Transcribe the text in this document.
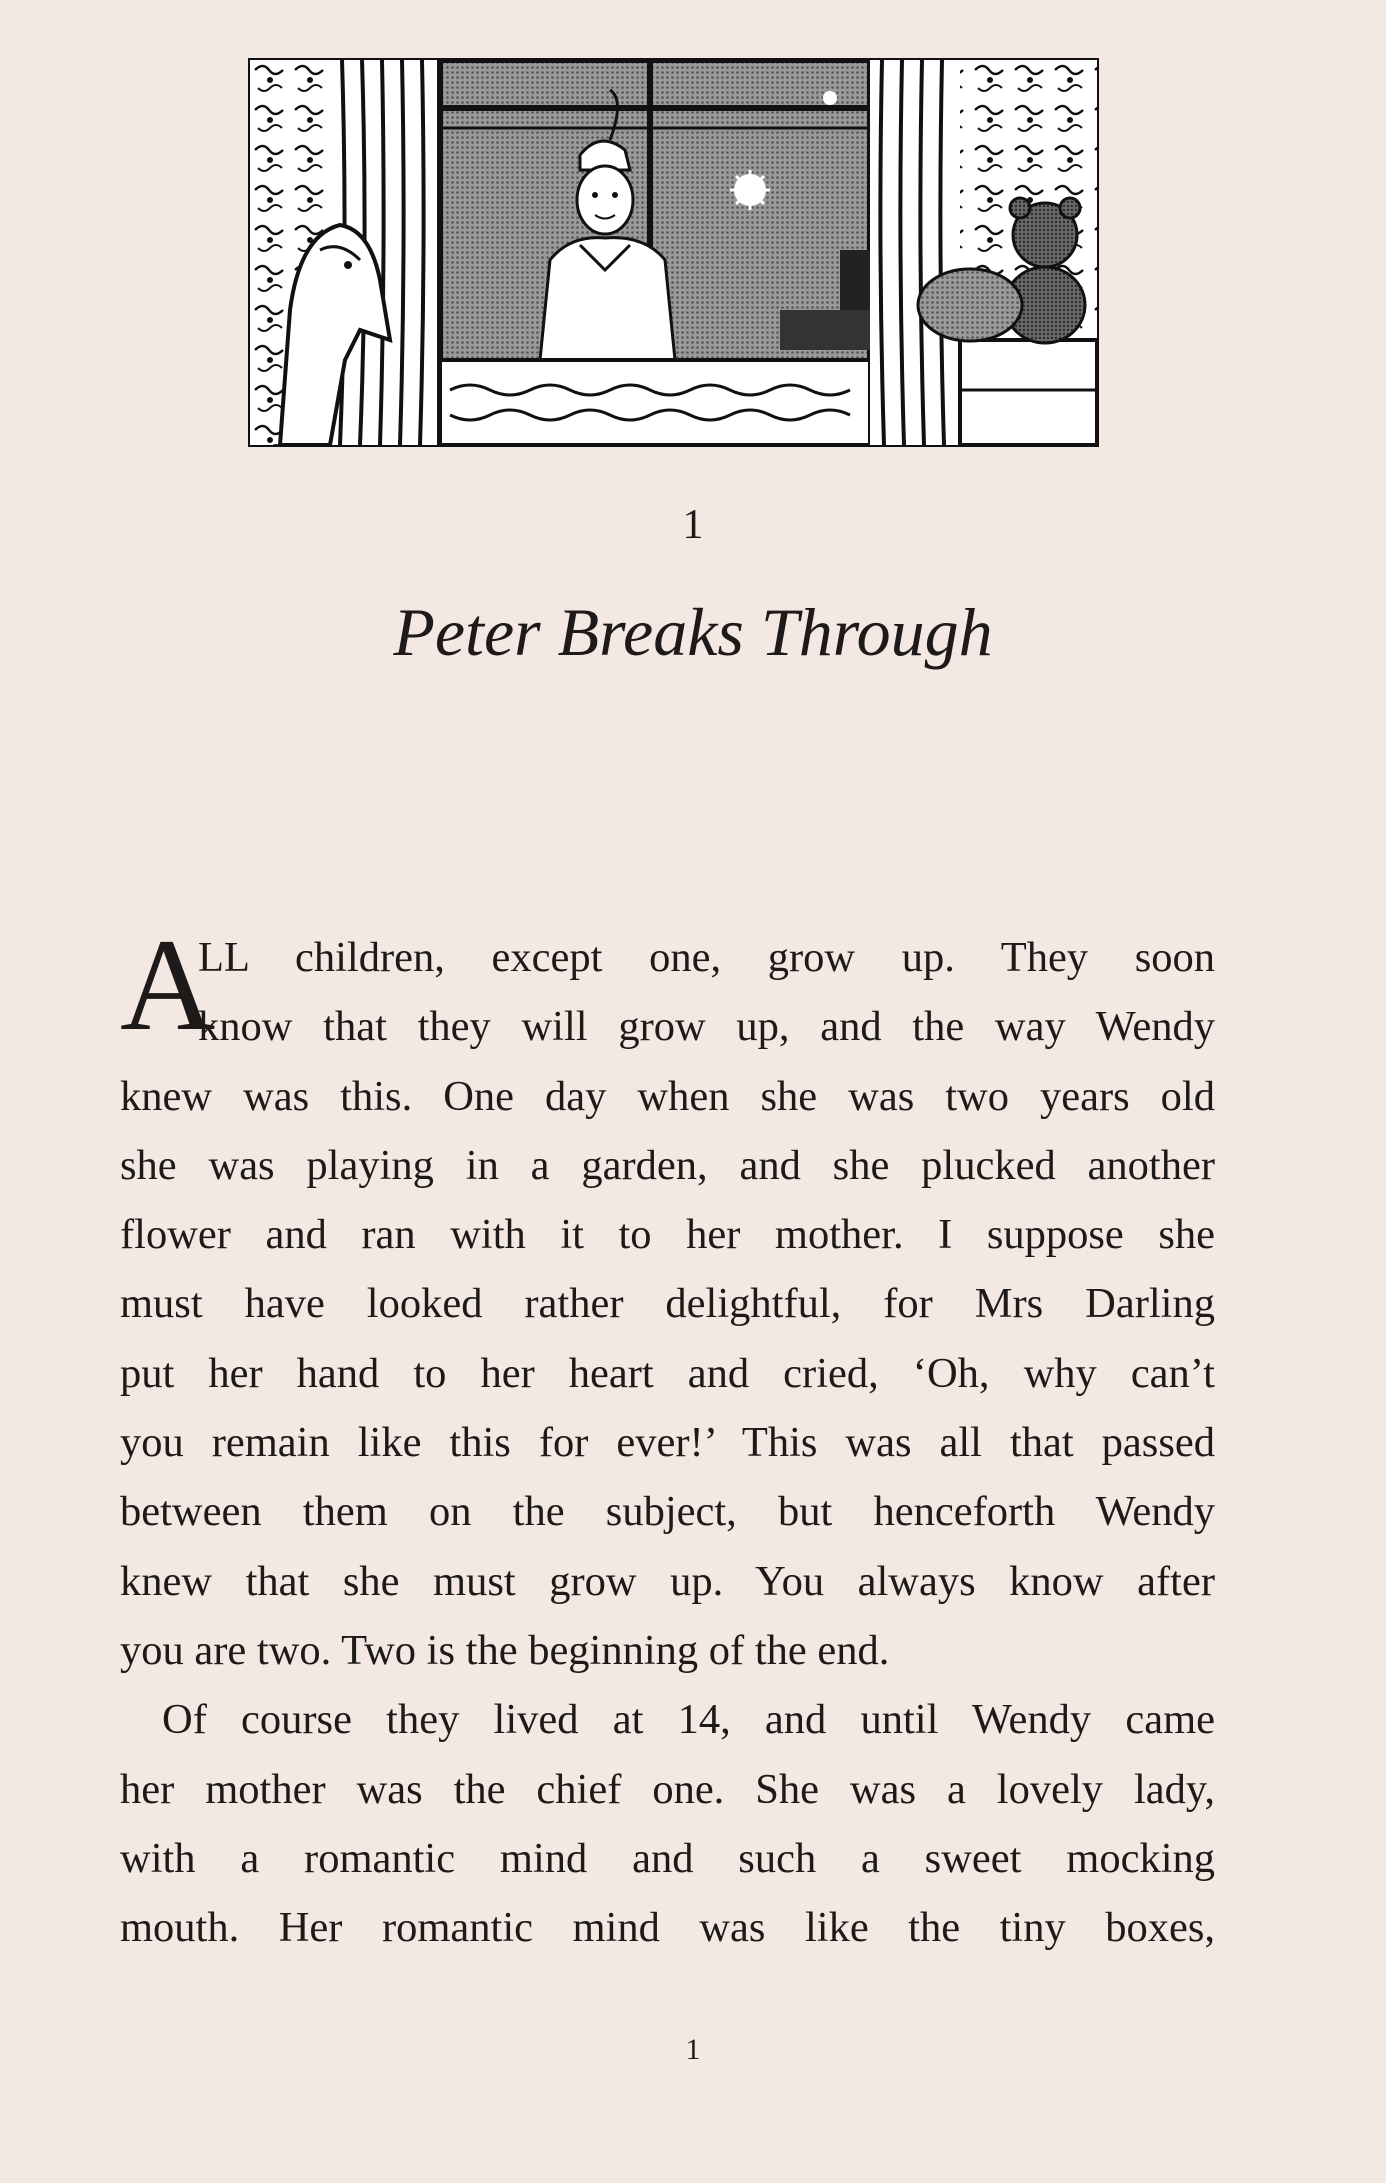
1
Peter Breaks Through
A
LL children, except one, grow up. They soon
know that they will grow up, and the way Wendy
knew was this. One day when she was two years old
she was playing in a garden, and she plucked another
flower and ran with it to her mother. I suppose she
must have looked rather delightful, for Mrs Darling
put her hand to her heart and cried, ‘Oh, why can’t
you remain like this for ever!’ This was all that passed
between them on the subject, but henceforth Wendy
knew that she must grow up. You always know after
you are two. Two is the beginning of the end.
Of course they lived at 14, and until Wendy came
her mother was the chief one. She was a lovely lady,
with a romantic mind and such a sweet mocking
mouth. Her romantic mind was like the tiny boxes,
1
